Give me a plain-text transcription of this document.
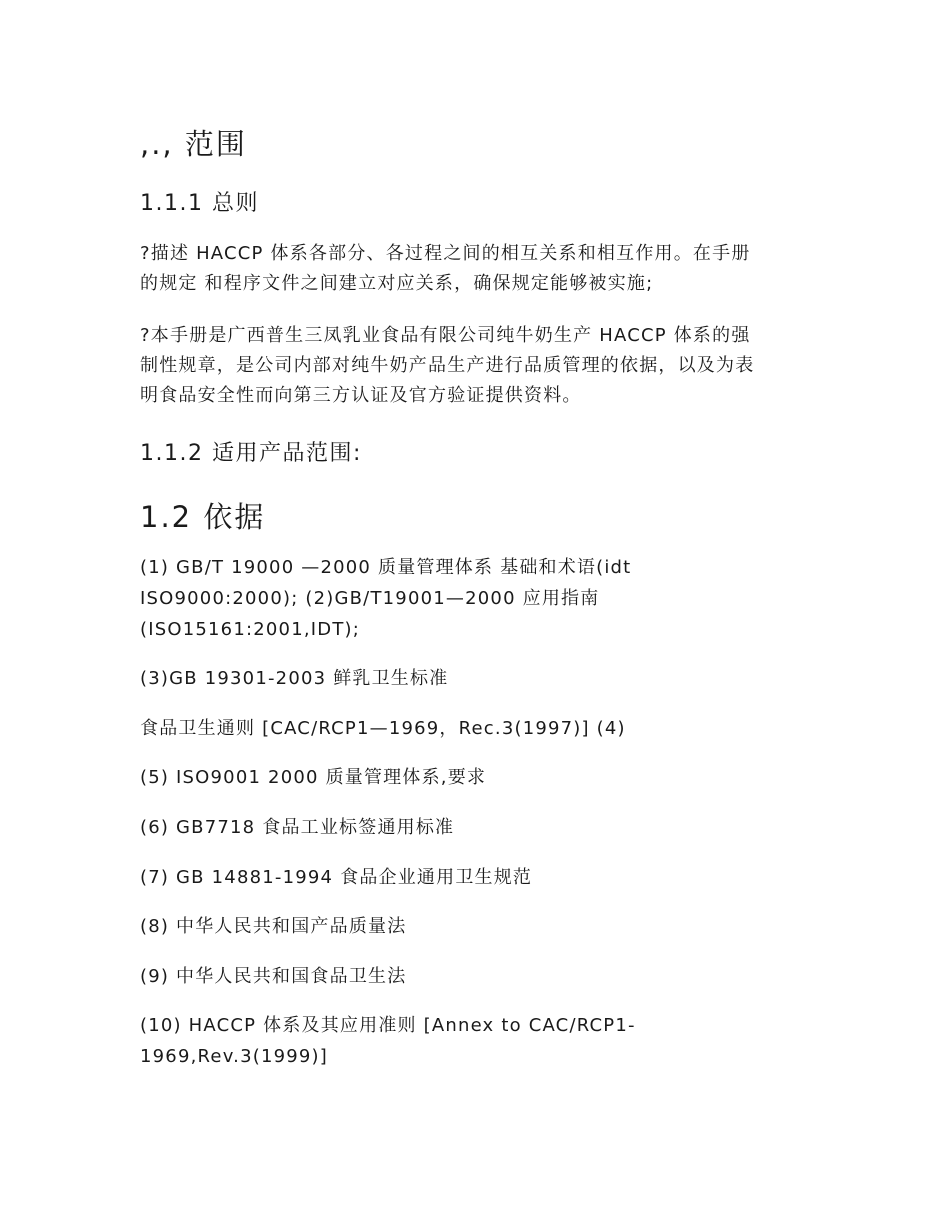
,., 范围
1.1.1 总则
?描述 HACCP 体系各部分、各过程之间的相互关系和相互作用。在手册
的规定 和程序文件之间建立对应关系，确保规定能够被实施;
?本手册是广西普生三凤乳业食品有限公司纯牛奶生产 HACCP 体系的强
制性规章，是公司内部对纯牛奶产品生产进行品质管理的依据，以及为表
明食品安全性而向第三方认证及官方验证提供资料。
1.1.2 适用产品范围:
1.2 依据
(1) GB/T 19000 —2000 质量管理体系 基础和术语(idt
ISO9000:2000); (2)GB/T19001—2000 应用指南
(ISO15161:2001,IDT);
(3)GB 19301-2003 鲜乳卫生标准
食品卫生通则 [CAC/RCP1—1969，Rec.3(1997)] (4)
(5) ISO9001 2000 质量管理体系,要求
(6) GB7718 食品工业标签通用标准
(7) GB 14881-1994 食品企业通用卫生规范
(8) 中华人民共和国产品质量法
(9) 中华人民共和国食品卫生法
(10) HACCP 体系及其应用准则 [Annex to CAC/RCP1-
1969,Rev.3(1999)]
